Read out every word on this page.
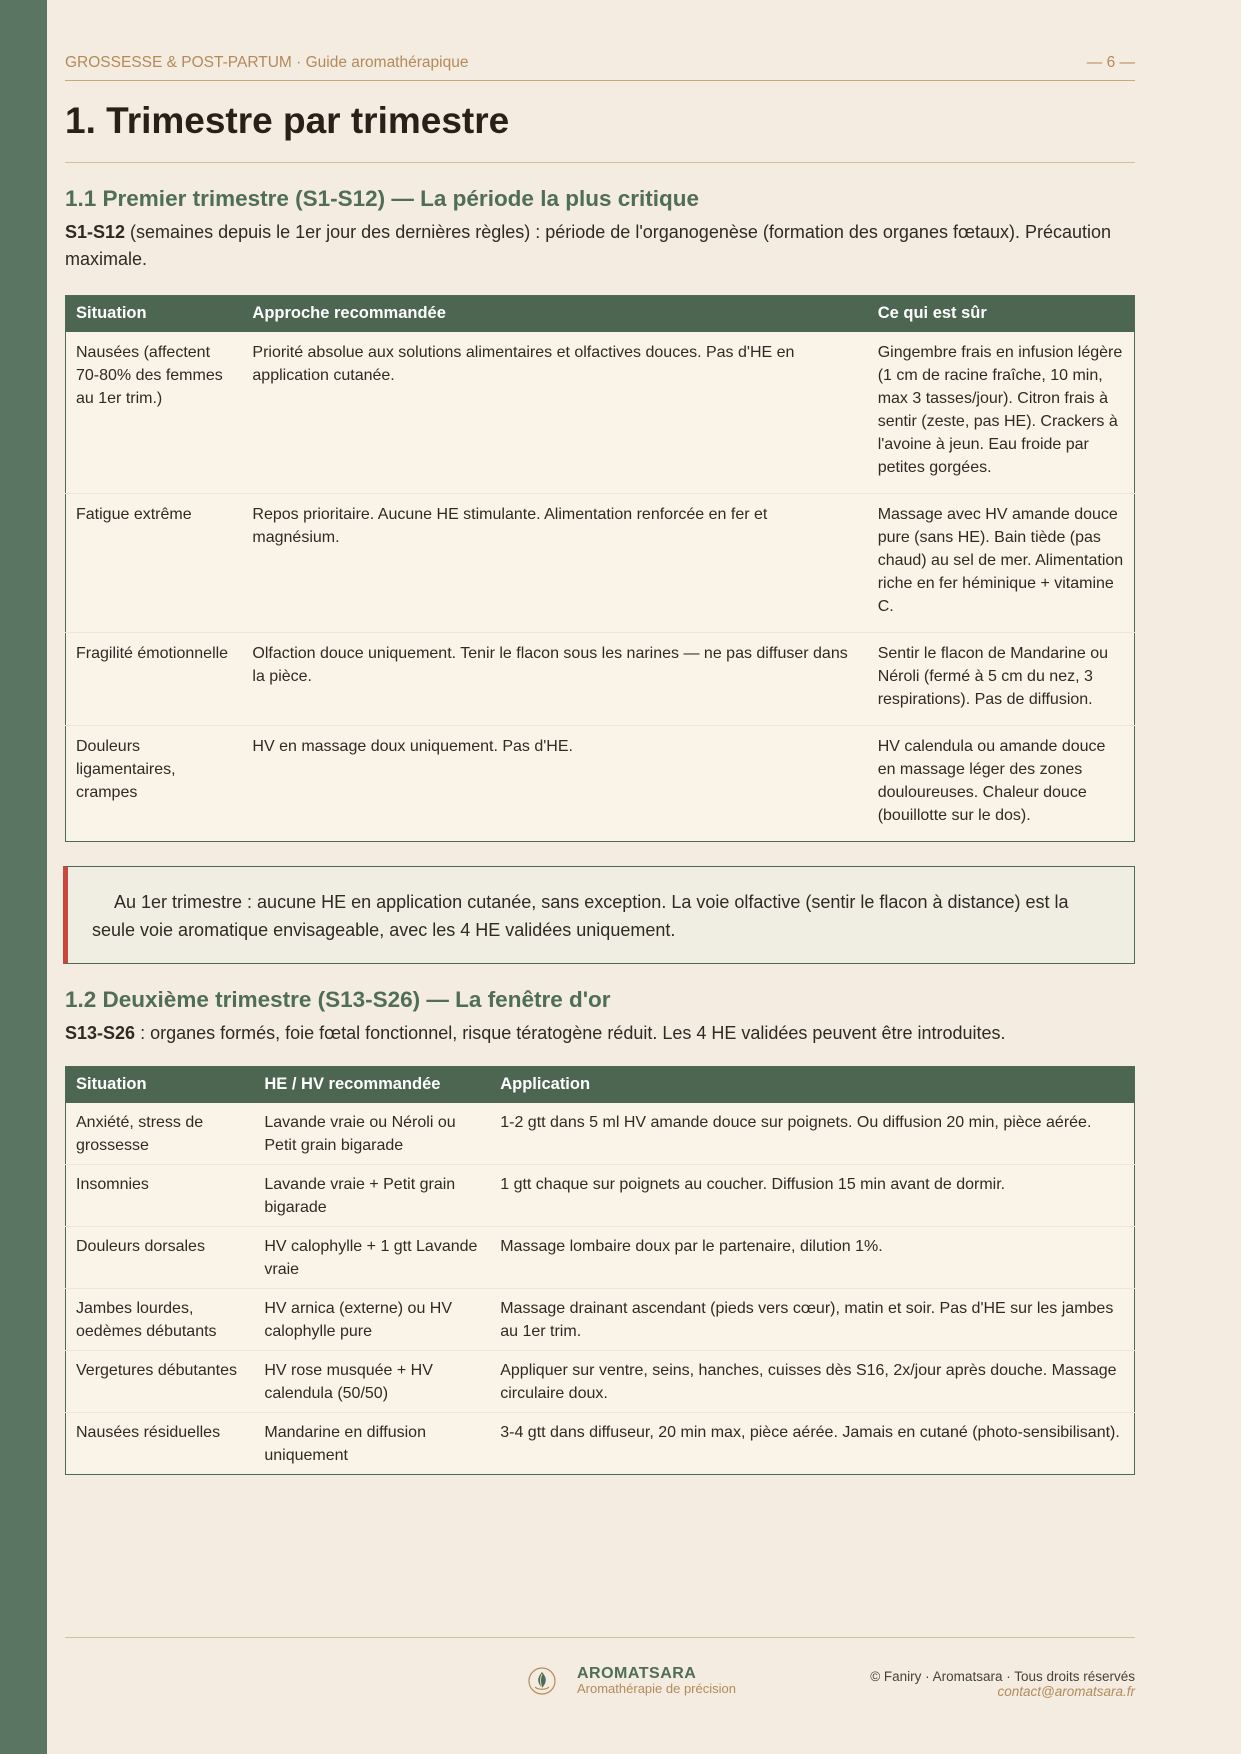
GROSSESSE & POST-PARTUM · Guide aromathérapique	— 6 —
1. Trimestre par trimestre
1.1 Premier trimestre (S1-S12) — La période la plus critique

S1-S12 (semaines depuis le 1er jour des dernières règles) : période de l'organogenèse (formation des organes fœtaux). Précaution maximale.

Situation	Approche recommandée	Ce qui est sûr
Nausées (affectent 70-80% des femmes au 1er trim.)	Priorité absolue aux solutions alimentaires et olfactives douces. Pas d'HE en application cutanée.	Gingembre frais en infusion légère (1 cm de racine fraîche, 10 min, max 3 tasses/jour). Citron frais à sentir (zeste, pas HE). Crackers à l'avoine à jeun. Eau froide par petites gorgées.
Fatigue extrême	Repos prioritaire. Aucune HE stimulante. Alimentation renforcée en fer et magnésium.	Massage avec HV amande douce pure (sans HE). Bain tiède (pas chaud) au sel de mer. Alimentation riche en fer héminique + vitamine C.
Fragilité émotionnelle	Olfaction douce uniquement. Tenir le flacon sous les narines — ne pas diffuser dans la pièce.	Sentir le flacon de Mandarine ou Néroli (fermé à 5 cm du nez, 3 respirations). Pas de diffusion.
Douleurs ligamentaires, crampes	HV en massage doux uniquement. Pas d'HE.	HV calendula ou amande douce en massage léger des zones douloureuses. Chaleur douce (bouillotte sur le dos).
Au 1er trimestre : aucune HE en application cutanée, sans exception. La voie olfactive (sentir le flacon à distance) est la seule voie aromatique envisageable, avec les 4 HE validées uniquement.
1.2 Deuxième trimestre (S13-S26) — La fenêtre d'or

S13-S26 : organes formés, foie fœtal fonctionnel, risque tératogène réduit. Les 4 HE validées peuvent être introduites.

Situation	HE / HV recommandée	Application
Anxiété, stress de grossesse	Lavande vraie ou Néroli ou Petit grain bigarade	1-2 gtt dans 5 ml HV amande douce sur poignets. Ou diffusion 20 min, pièce aérée.
Insomnies	Lavande vraie + Petit grain bigarade	1 gtt chaque sur poignets au coucher. Diffusion 15 min avant de dormir.
Douleurs dorsales	HV calophylle + 1 gtt Lavande vraie	Massage lombaire doux par le partenaire, dilution 1%.
Jambes lourdes, oedèmes débutants	HV arnica (externe) ou HV calophylle pure	Massage drainant ascendant (pieds vers cœur), matin et soir. Pas d'HE sur les jambes au 1er trim.
Vergetures débutantes	HV rose musquée + HV calendula (50/50)	Appliquer sur ventre, seins, hanches, cuisses dès S16, 2x/jour après douche. Massage circulaire doux.
Nausées résiduelles	Mandarine en diffusion uniquement	3-4 gtt dans diffuseur, 20 min max, pièce aérée. Jamais en cutané (photo-sensibilisant).
AROMATSARA
Aromathérapie de précision
© Faniry · Aromatsara · Tous droits réservés
contact@aromatsara.fr
